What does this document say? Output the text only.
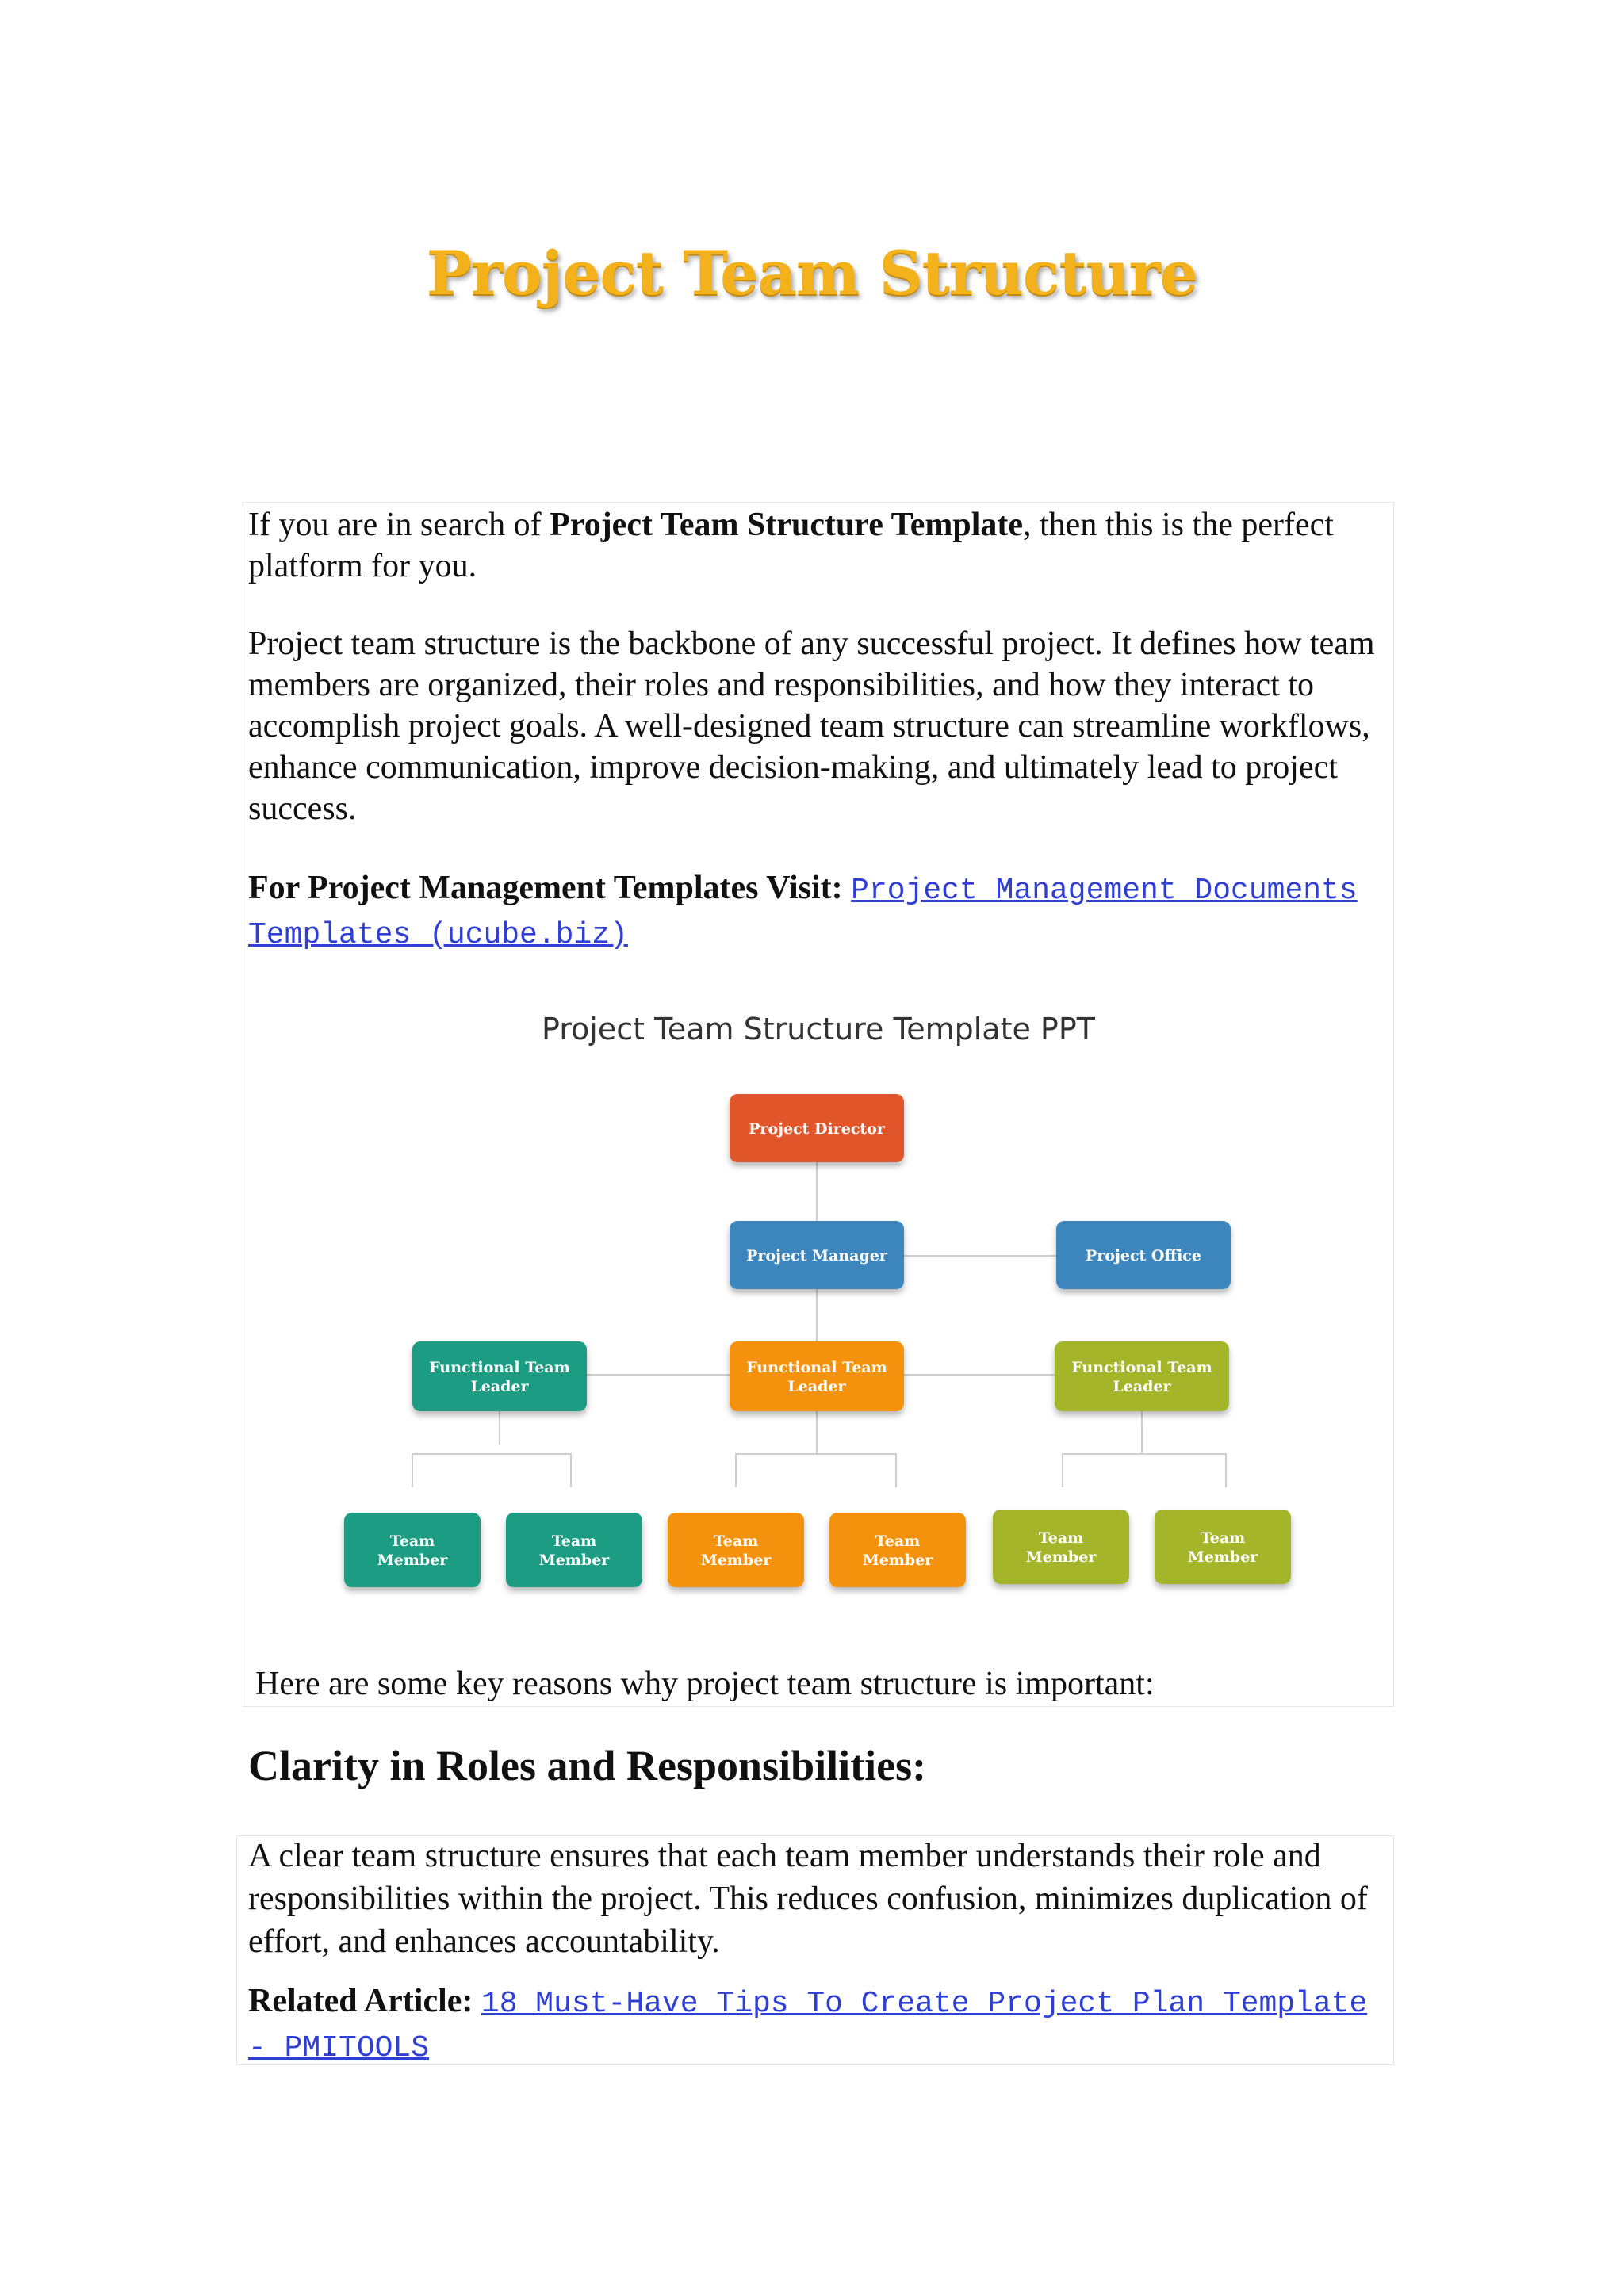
Project Team Structure

If you are in search of Project Team Structure Template, then this is the perfect platform for you.

Project team structure is the backbone of any successful project. It defines how team members are organized, their roles and responsibilities, and how they interact to accomplish project goals. A well-designed team structure can streamline workflows, enhance communication, improve decision-making, and ultimately lead to project success.

For Project Management Templates Visit: Project Management Documents Templates (ucube.biz)

Project Team Structure Template PPT
Project Director
Project Manager	Project Office
Functional Team
Leader
Functional Team
Leader
Functional Team
Leader
Team
Member
Team
Member
Team
Member
Team
Member
Team
Member
Team
Member

Here are some key reasons why project team structure is important:

Clarity in Roles and Responsibilities:

A clear team structure ensures that each team member understands their role and responsibilities within the project. This reduces confusion, minimizes duplication of effort, and enhances accountability.

Related Article: 18 Must-Have Tips To Create Project Plan Template - PMITOOLS
